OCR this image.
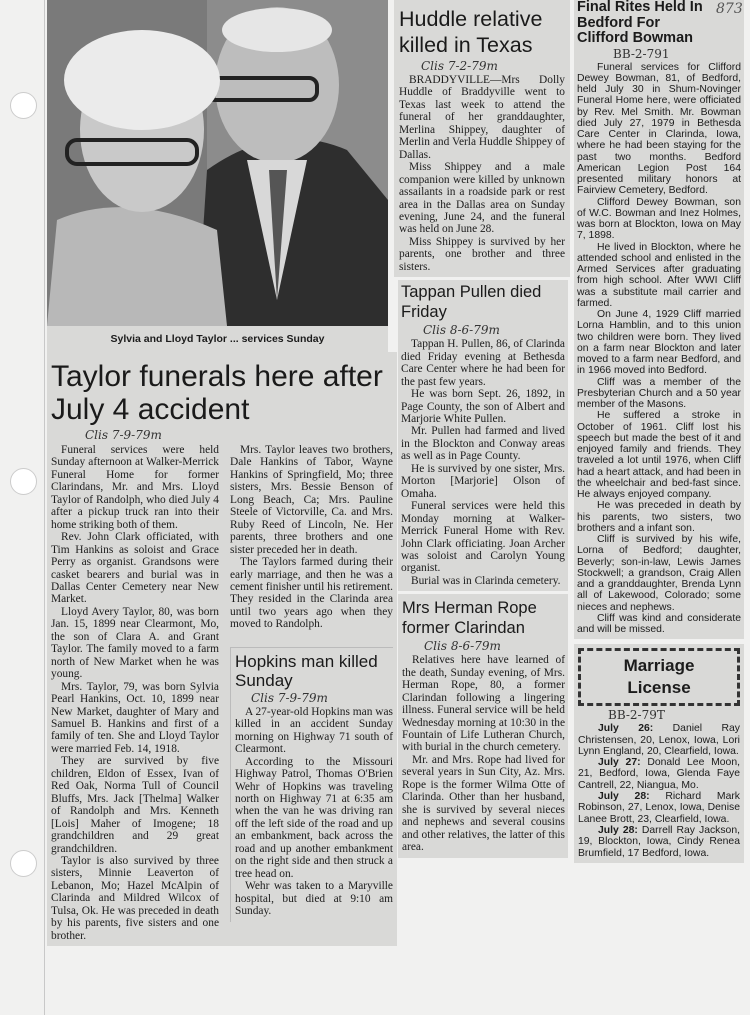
Sylvia and Lloyd Taylor ... services Sunday
Taylor funerals here after July 4 accident
Clis 7-9-79m

Funeral services were held Sunday afternoon at Walker-Merrick Funeral Home for former Clarindans, Mr. and Mrs. Lloyd Taylor of Randolph, who died July 4 after a pickup truck ran into their home striking both of them.

Rev. John Clark officiated, with Tim Hankins as soloist and Grace Perry as organist. Grandsons were casket bearers and burial was in Dallas Center Cemetery near New Market.

Lloyd Avery Taylor, 80, was born Jan. 15, 1899 near Clearmont, Mo, the son of Clara A. and Grant Taylor. The family moved to a farm north of New Market when he was young.

Mrs. Taylor, 79, was born Sylvia Pearl Hankins, Oct. 10, 1899 near New Market, daughter of Mary and Samuel B. Hankins and first of a family of ten. She and Lloyd Taylor were married Feb. 14, 1918.

They are survived by five children, Eldon of Essex, Ivan of Red Oak, Norma Tull of Council Bluffs, Mrs. Jack [Thelma] Walker of Randolph and Mrs. Kenneth [Lois] Maher of Imogene; 18 grandchildren and 29 great grandchildren.

Taylor is also survived by three sisters, Minnie Leaverton of Lebanon, Mo; Hazel McAlpin of Clarinda and Mildred Wilcox of Tulsa, Ok. He was preceded in death by his parents, five sisters and one brother.

Mrs. Taylor leaves two brothers, Dale Hankins of Tabor, Wayne Hankins of Springfield, Mo; three sisters, Mrs. Bessie Benson of Long Beach, Ca; Mrs. Pauline Steele of Victorville, Ca. and Mrs. Ruby Reed of Lincoln, Ne. Her parents, three brothers and one sister preceded her in death.

The Taylors farmed during their early marriage, and then he was a cement finisher until his retirement. They resided in the Clarinda area until two years ago when they moved to Randolph.

Hopkins man killed Sunday
Clis 7-9-79m

A 27-year-old Hopkins man was killed in an accident Sunday morning on Highway 71 south of Clearmont.

According to the Missouri Highway Patrol, Thomas O'Brien Wehr of Hopkins was traveling north on Highway 71 at 6:35 am when the van he was driving ran off the left side of the road and up an embankment, back across the road and up another embankment on the right side and then struck a tree head on.

Wehr was taken to a Maryville hospital, but died at 9:10 am Sunday.

Huddle relative killed in Texas
Clis 7-2-79m

BRADDYVILLE—Mrs Dolly Huddle of Braddyville went to Texas last week to attend the funeral of her granddaughter, Merlina Shippey, daughter of Merlin and Verla Huddle Shippey of Dallas.

Miss Shippey and a male companion were killed by unknown assailants in a roadside park or rest area in the Dallas area on Sunday evening, June 24, and the funeral was held on June 28.

Miss Shippey is survived by her parents, one brother and three sisters.

Tappan Pullen died Friday
Clis 8-6-79m

Tappan H. Pullen, 86, of Clarinda died Friday evening at Bethesda Care Center where he had been for the past few years.

He was born Sept. 26, 1892, in Page County, the son of Albert and Marjorie White Pullen.

Mr. Pullen had farmed and lived in the Blockton and Conway areas as well as in Page County.

He is survived by one sister, Mrs. Morton [Marjorie] Olson of Omaha.

Funeral services were held this Monday morning at Walker-Merrick Funeral Home with Rev. John Clark officiating. Joan Archer was soloist and Carolyn Young organist.

Burial was in Clarinda cemetery.

Mrs Herman Rope former Clarindan
Clis 8-6-79m

Relatives here have learned of the death, Sunday evening, of Mrs. Herman Rope, 80, a former Clarindan following a lingering illness. Funeral service will be held Wednesday morning at 10:30 in the Fountain of Life Lutheran Church, with burial in the church cemetery.

Mr. and Mrs. Rope had lived for several years in Sun City, Az. Mrs. Rope is the former Wilma Otte of Clarinda. Other than her husband, she is survived by several nieces and nephews and several cousins and other relatives, the latter of this area.

Final Rites Held In Bedford For Clifford Bowman
BB-2-791

Funeral services for Clifford Dewey Bowman, 81, of Bedford, held July 30 in Shum-Novinger Funeral Home here, were officiated by Rev. Mel Smith. Mr. Bowman died July 27, 1979 in Bethesda Care Center in Clarinda, Iowa, where he had been staying for the past two months. Bedford American Legion Post 164 presented military honors at Fairview Cemetery, Bedford.

Clifford Dewey Bowman, son of W.C. Bowman and Inez Holmes, was born at Blockton, Iowa on May 7, 1898.

He lived in Blockton, where he attended school and enlisted in the Armed Services after graduating from high school. After WWI Cliff was a substitute mail carrier and farmed.

On June 4, 1929 Cliff married Lorna Hamblin, and to this union two children were born. They lived on a farm near Blockton and later moved to a farm near Bedford, and in 1966 moved into Bedford.

Cliff was a member of the Presbyterian Church and a 50 year member of the Masons.

He suffered a stroke in October of 1961. Cliff lost his speech but made the best of it and enjoyed family and friends. They traveled a lot until 1976, when Cliff had a heart attack, and had been in the wheelchair and bed-fast since. He always enjoyed company.

He was preceded in death by his parents, two sisters, two brothers and a infant son.

Cliff is survived by his wife, Lorna of Bedford; daughter, Beverly; son-in-law, Lewis James Stockwell; a grandson, Craig Allen and a granddaughter, Brenda Lynn all of Lakewood, Colorado; some nieces and nephews.

Cliff was kind and considerate and will be missed.

Marriage
License
BB-2-79T

July 26: Daniel Ray Christensen, 20, Lenox, Iowa, Lori Lynn England, 20, Clearfield, Iowa.

July 27: Donald Lee Moon, 21, Bedford, Iowa, Glenda Faye Cantrell, 22, Niangua, Mo.

July 28: Richard Mark Robinson, 27, Lenox, Iowa, Denise Lanee Brott, 23, Clearfield, Iowa.

July 28: Darrell Ray Jackson, 19, Blockton, Iowa, Cindy Renea Brumfield, 17 Bedford, Iowa.

873
